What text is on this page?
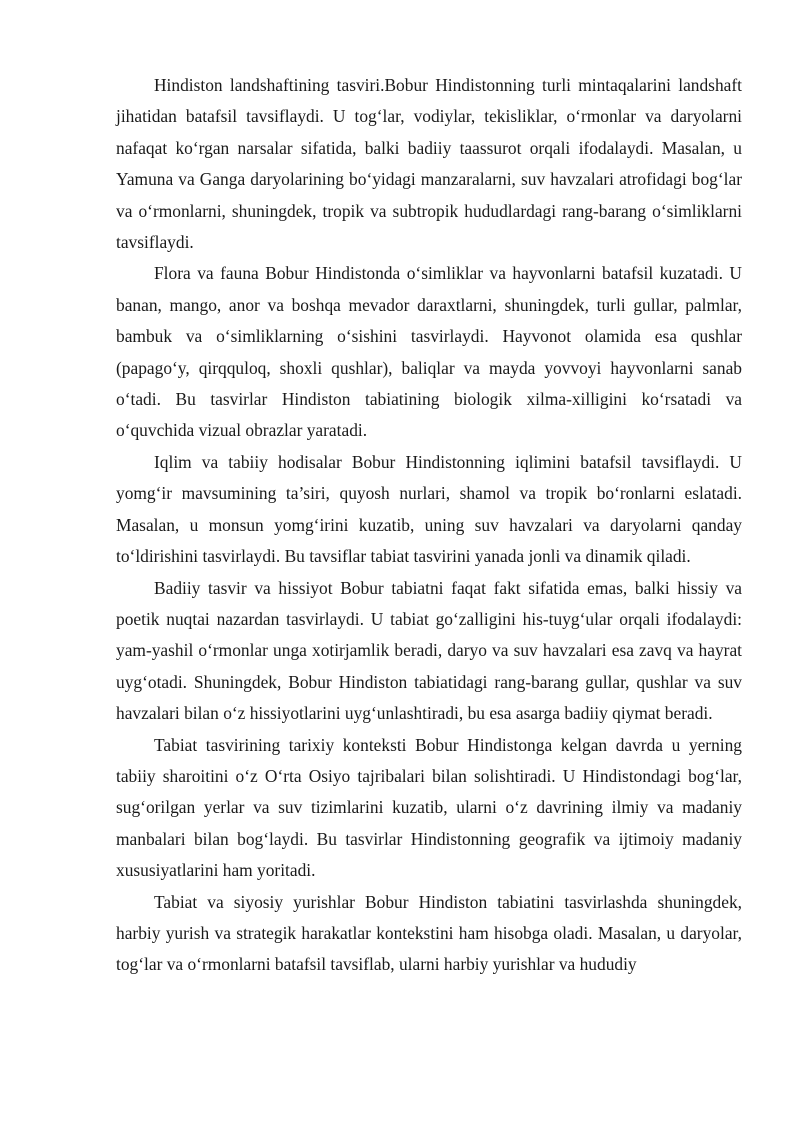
Hindiston landshaftining tasviri.Bobur Hindistonning turli mintaqalarini landshaft jihatidan batafsil tavsiflaydi. U tog‘lar, vodiylar, tekisliklar, o‘rmonlar va daryolarni nafaqat ko‘rgan narsalar sifatida, balki badiiy taassurot orqali ifodalaydi. Masalan, u Yamuna va Ganga daryolarining bo‘yidagi manzaralarni, suv havzalari atrofidagi bog‘lar va o‘rmonlarni, shuningdek, tropik va subtropik hududlardagi rang-barang o‘simliklarni tavsiflaydi.

Flora va fauna Bobur Hindistonda o‘simliklar va hayvonlarni batafsil kuzatadi. U banan, mango, anor va boshqa mevador daraxtlarni, shuningdek, turli gullar, palmlar, bambuk va o‘simliklarning o‘sishini tasvirlaydi. Hayvonot olamida esa qushlar (papago‘y, qirqquloq, shoxli qushlar), baliqlar va mayda yovvoyi hayvonlarni sanab o‘tadi. Bu tasvirlar Hindiston tabiatining biologik xilma-xilligini ko‘rsatadi va o‘quvchida vizual obrazlar yaratadi.

Iqlim va tabiiy hodisalar Bobur Hindistonning iqlimini batafsil tavsiflaydi. U yomg‘ir mavsumining ta’siri, quyosh nurlari, shamol va tropik bo‘ronlarni eslatadi. Masalan, u monsun yomg‘irini kuzatib, uning suv havzalari va daryolarni qanday to‘ldirishini tasvirlaydi. Bu tavsiflar tabiat tasvirini yanada jonli va dinamik qiladi.

Badiiy tasvir va hissiyot Bobur tabiatni faqat fakt sifatida emas, balki hissiy va poetik nuqtai nazardan tasvirlaydi. U tabiat go‘zalligini his-tuyg‘ular orqali ifodalaydi: yam-yashil o‘rmonlar unga xotirjamlik beradi, daryo va suv havzalari esa zavq va hayrat uyg‘otadi. Shuningdek, Bobur Hindiston tabiatidagi rang-barang gullar, qushlar va suv havzalari bilan o‘z hissiyotlarini uyg‘unlashtiradi, bu esa asarga badiiy qiymat beradi.

Tabiat tasvirining tarixiy konteksti Bobur Hindistonga kelgan davrda u yerning tabiiy sharoitini o‘z O‘rta Osiyo tajribalari bilan solishtiradi. U Hindistondagi bog‘lar, sug‘orilgan yerlar va suv tizimlarini kuzatib, ularni o‘z davrining ilmiy va madaniy manbalari bilan bog‘laydi. Bu tasvirlar Hindistonning geografik va ijtimoiy madaniy xususiyatlarini ham yoritadi.

Tabiat va siyosiy yurishlar Bobur Hindiston tabiatini tasvirlashda shuningdek, harbiy yurish va strategik harakatlar kontekstini ham hisobga oladi. Masalan, u daryolar, tog‘lar va o‘rmonlarni batafsil tavsiflab, ularni harbiy yurishlar va hududiy
